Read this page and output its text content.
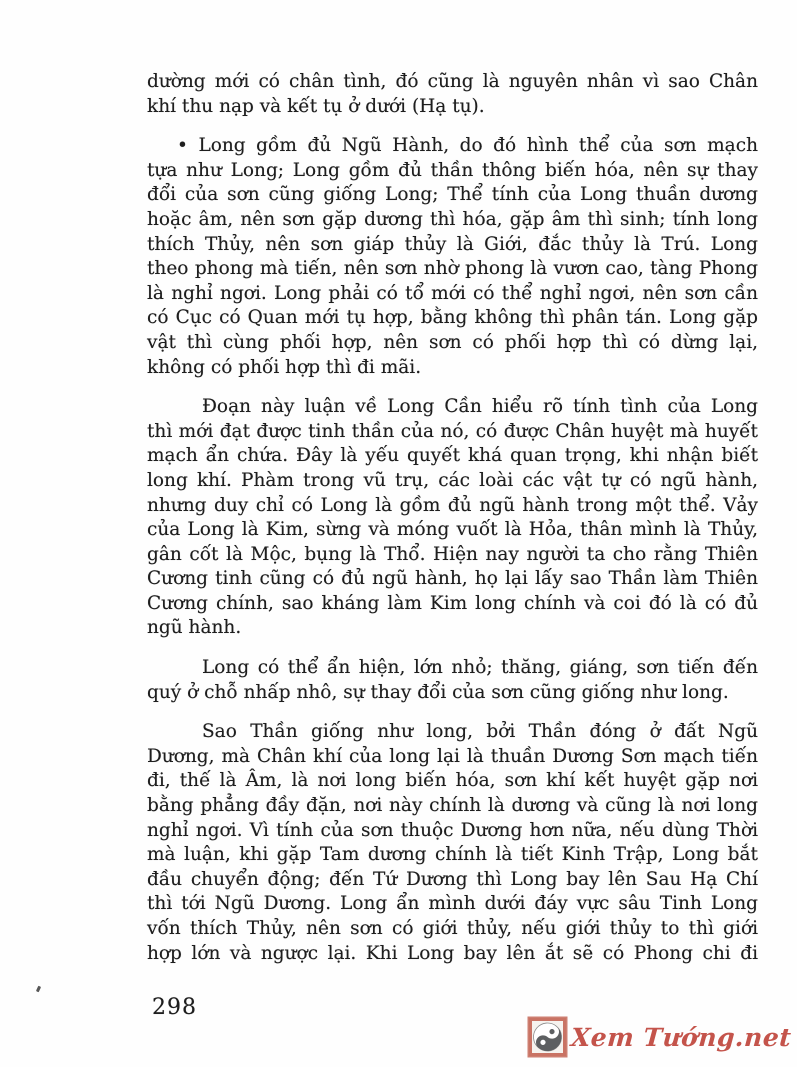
dường mới có chân tình, đó cũng là nguyên nhân vì sao Chân
khí thu nạp và kết tụ ở dưới (Hạ tụ).

• Long gồm đủ Ngũ Hành, do đó hình thể của sơn mạch
tựa như Long; Long gồm đủ thần thông biến hóa, nên sự thay
đổi của sơn cũng giống Long; Thể tính của Long thuần dương
hoặc âm, nên sơn gặp dương thì hóa, gặp âm thì sinh; tính long
thích Thủy, nên sơn giáp thủy là Giới, đắc thủy là Trú. Long
theo phong mà tiến, nên sơn nhờ phong là vươn cao, tàng Phong
là nghỉ ngơi. Long phải có tổ mới có thể nghỉ ngơi, nên sơn cần
có Cục có Quan mới tụ hợp, bằng không thì phân tán. Long gặp
vật thì cùng phối hợp, nên sơn có phối hợp thì có dừng lại,
không có phối hợp thì đi mãi.

Đoạn này luận về Long Cần hiểu rõ tính tình của Long
thì mới đạt được tinh thần của nó, có được Chân huyệt mà huyết
mạch ẩn chứa. Đây là yếu quyết khá quan trọng, khi nhận biết
long khí. Phàm trong vũ trụ, các loài các vật tự có ngũ hành,
nhưng duy chỉ có Long là gồm đủ ngũ hành trong một thể. Vảy
của Long là Kim, sừng và móng vuốt là Hỏa, thân mình là Thủy,
gân cốt là Mộc, bụng là Thổ. Hiện nay người ta cho rằng Thiên
Cương tinh cũng có đủ ngũ hành, họ lại lấy sao Thần làm Thiên
Cương chính, sao kháng làm Kim long chính và coi đó là có đủ
ngũ hành.

Long có thể ẩn hiện, lớn nhỏ; thăng, giáng, sơn tiến đến
quý ở chỗ nhấp nhô, sự thay đổi của sơn cũng giống như long.

Sao Thần giống như long, bởi Thần đóng ở đất Ngũ
Dương, mà Chân khí của long lại là thuần Dương Sơn mạch tiến
đi, thế là Âm, là nơi long biến hóa, sơn khí kết huyệt gặp nơi
bằng phẳng đầy đặn, nơi này chính là dương và cũng là nơi long
nghỉ ngơi. Vì tính của sơn thuộc Dương hơn nữa, nếu dùng Thời
mà luận, khi gặp Tam dương chính là tiết Kinh Trập, Long bắt
đầu chuyển động; đến Tứ Dương thì Long bay lên Sau Hạ Chí
thì tới Ngũ Dương. Long ẩn mình dưới đáy vực sâu Tinh Long
vốn thích Thủy, nên sơn có giới thủy, nếu giới thủy to thì giới
hợp lớn và ngược lại. Khi Long bay lên ắt sẽ có Phong chi đi

298
Xem Tướng.net
